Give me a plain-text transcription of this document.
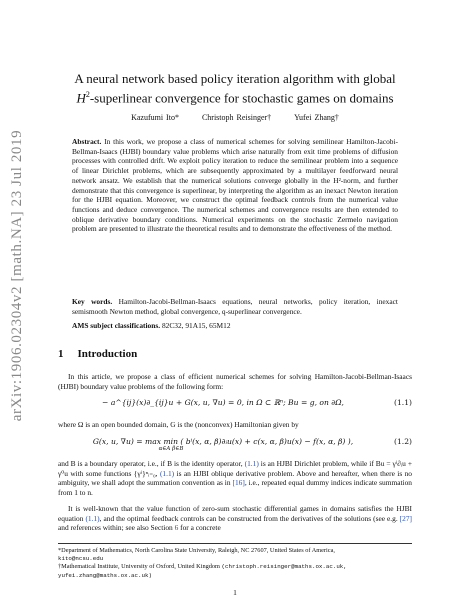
arXiv:1906.02304v2 [math.NA] 23 Jul 2019
A neural network based policy iteration algorithm with global
$H^2$-superlinear convergence for stochastic games on domains
Kazufumi Ito*	Christoph Reisinger†	Yufei Zhang†

Abstract. In this work, we propose a class of numerical schemes for solving semilinear Hamilton-Jacobi-Bellman-Isaacs (HJBI) boundary value problems which arise naturally from exit time problems of diffusion processes with controlled drift. We exploit policy iteration to reduce the semilinear problem into a sequence of linear Dirichlet problems, which are subsequently approximated by a multilayer feedforward neural network ansatz. We establish that the numerical solutions converge globally in the H²-norm, and further demonstrate that this convergence is superlinear, by interpreting the algorithm as an inexact Newton iteration for the HJBI equation. Moreover, we construct the optimal feedback controls from the numerical value functions and deduce convergence. The numerical schemes and convergence results are then extended to oblique derivative boundary conditions. Numerical experiments on the stochastic Zermelo navigation problem are presented to illustrate the theoretical results and to demonstrate the effectiveness of the method.

Key words. Hamilton-Jacobi-Bellman-Isaacs equations, neural networks, policy iteration, inexact semismooth Newton method, global convergence, q-superlinear convergence.

AMS subject classifications. 82C32, 91A15, 65M12

1 Introduction

In this article, we propose a class of efficient numerical schemes for solving Hamilton-Jacobi-Bellman-Isaacs (HJBI) boundary value problems of the following form:

− a^{ij}(x)∂_{ij}u + G(x, u, ∇u) = 0, in Ω ⊂ ℝⁿ; Bu = g, on ∂Ω,	(1.1)

where Ω is an open bounded domain, G is the (nonconvex) Hamiltonian given by

G(x, u, ∇u) = max min ( bⁱ(x, α, β)∂ᵢu(x) + c(x, α, β)u(x) − f(x, α, β) ),
α∈A β∈B
(1.2)

and B is a boundary operator, i.e., if B is the identity operator, (1.1) is an HJBI Dirichlet problem, while if Bu = γⁱ∂ᵢu + γ⁰u with some functions {γⁱ}ⁿᵢ₌₀, (1.1) is an HJBI oblique derivative problem. Above and hereafter, when there is no ambiguity, we shall adopt the summation convention as in [16], i.e., repeated equal dummy indices indicate summation from 1 to n.

It is well-known that the value function of zero-sum stochastic differential games in domains satisfies the HJBI equation (1.1), and the optimal feedback controls can be constructed from the derivatives of the solutions (see e.g. [27] and references within; see also Section 6 for a concrete

*Department of Mathematics, North Carolina State University, Raleigh, NC 27607, United States of America,
kito@ncsu.edu

†Mathematical Institute, University of Oxford, United Kingdom (christoph.reisinger@maths.ox.ac.uk,
yufei.zhang@maths.ox.ac.uk)

1
